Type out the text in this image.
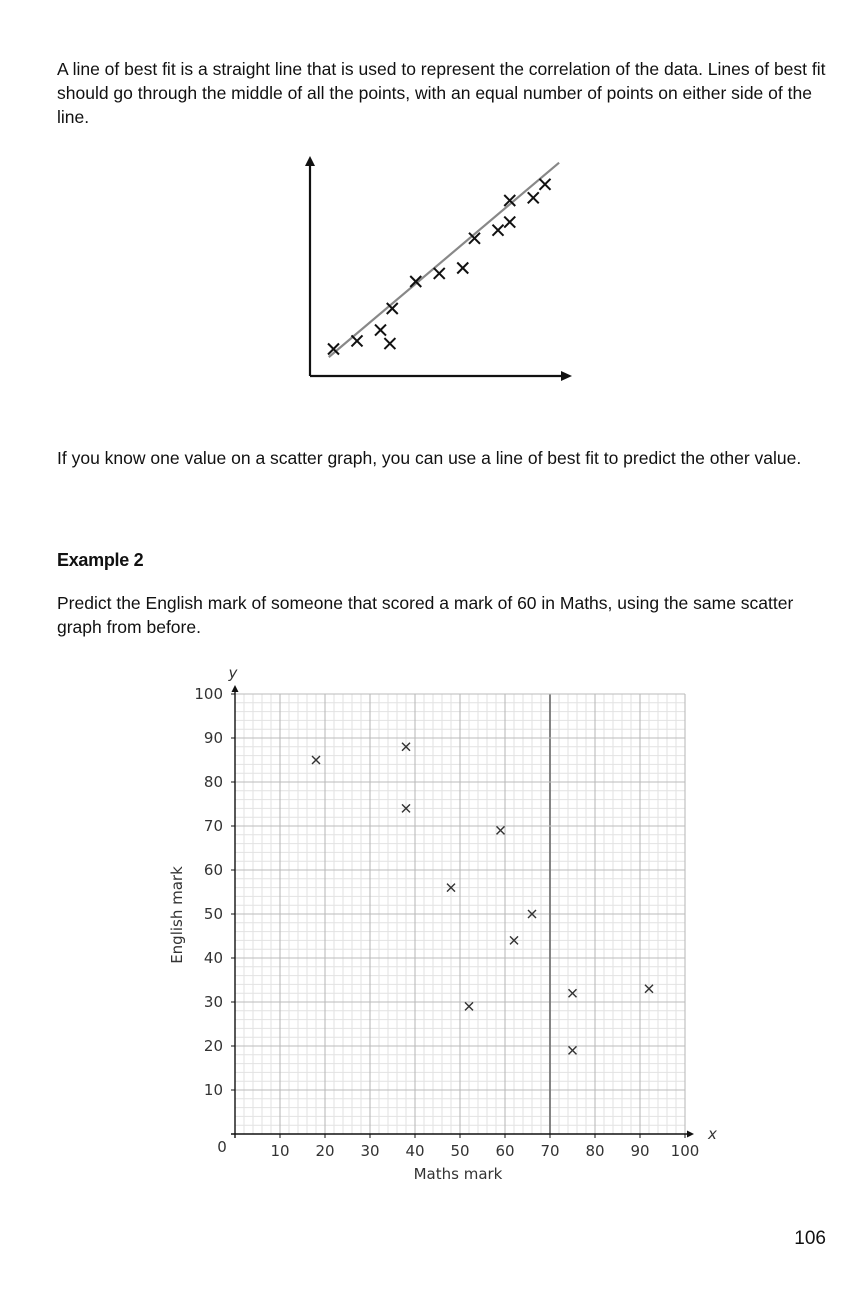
A line of best fit is a straight line that is used to represent the correlation of the data. Lines of best fit should go through the middle of all the points, with an equal number of points on either side of the line.

If you know one value on a scatter graph, you can use a line of best fit to predict the other value.

Example 2

Predict the English mark of someone that scored a mark of 60 in Maths, using the same scatter graph from before.

10 20 30 40 50 60 70 80 90 100
10
20
30
40
50
60
70
80
90
100
Maths mark
English mark
x
y
0
106
